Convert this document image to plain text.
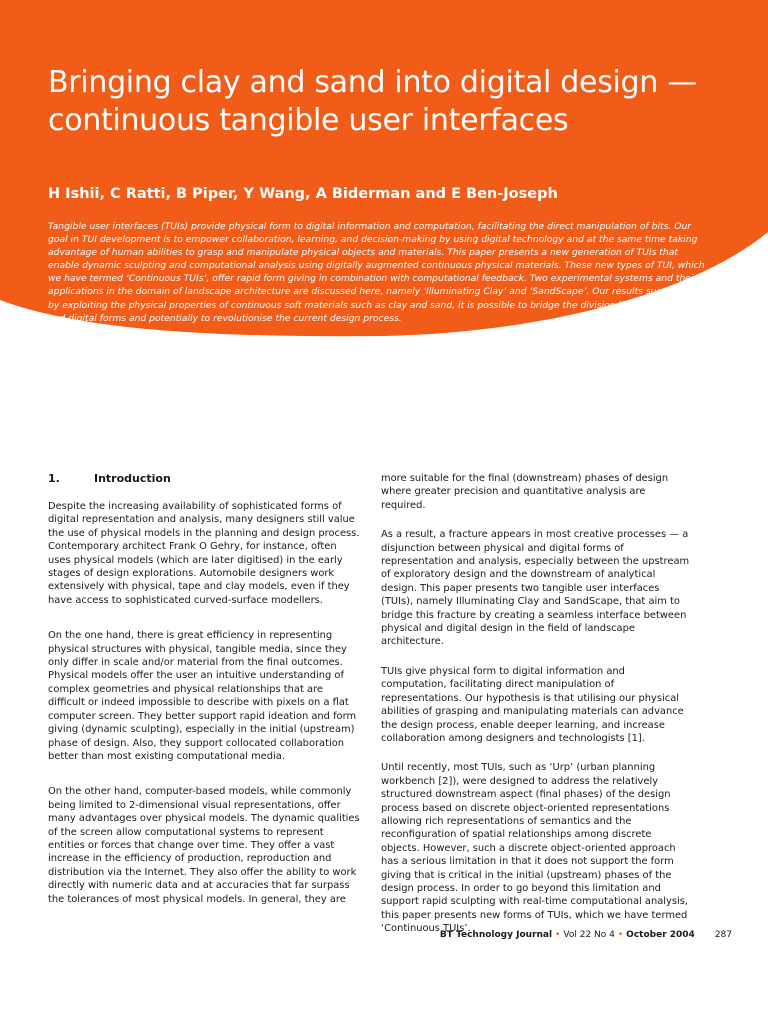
Bringing clay and sand into digital design — continuous tangible user interfaces
H Ishii, C Ratti, B Piper, Y Wang, A Biderman and E Ben-Joseph

Tangible user interfaces (TUIs) provide physical form to digital information and computation, facilitating the direct manipulation of bits. Our goal in TUI development is to empower collaboration, learning, and decision-making by using digital technology and at the same time taking advantage of human abilities to grasp and manipulate physical objects and materials. This paper presents a new generation of TUIs that enable dynamic sculpting and computational analysis using digitally augmented continuous physical materials. These new types of TUI, which we have termed ‘Continuous TUIs’, offer rapid form giving in combination with computational feedback. Two experimental systems and their applications in the domain of landscape architecture are discussed here, namely ‘Illuminating Clay’ and ‘SandScape’. Our results suggest that by exploiting the physical properties of continuous soft materials such as clay and sand, it is possible to bridge the division between physical and digital forms and potentially to revolutionise the current design process.

1.	Introduction

Despite the increasing availability of sophisticated forms of digital representation and analysis, many designers still value the use of physical models in the planning and design process. Contemporary architect Frank O Gehry, for instance, often uses physical models (which are later digitised) in the early stages of design explorations. Automobile designers work extensively with physical, tape and clay models, even if they have access to sophisticated curved-surface modellers.

On the one hand, there is great efficiency in representing physical structures with physical, tangible media, since they only differ in scale and/or material from the final outcomes. Physical models offer the user an intuitive understanding of complex geometries and physical relationships that are difficult or indeed impossible to describe with pixels on a flat computer screen. They better support rapid ideation and form giving (dynamic sculpting), especially in the initial (upstream) phase of design. Also, they support collocated collaboration better than most existing computational media.

On the other hand, computer-based models, while commonly being limited to 2-dimensional visual representations, offer many advantages over physical models. The dynamic qualities of the screen allow computational systems to represent entities or forces that change over time. They offer a vast increase in the efficiency of production, reproduction and distribution via the Internet. They also offer the ability to work directly with numeric data and at accuracies that far surpass the tolerances of most physical models. In general, they are

more suitable for the final (downstream) phases of design where greater precision and quantitative analysis are required.

As a result, a fracture appears in most creative processes — a disjunction between physical and digital forms of representation and analysis, especially between the upstream of exploratory design and the downstream of analytical design. This paper presents two tangible user interfaces (TUIs), namely Illuminating Clay and SandScape, that aim to bridge this fracture by creating a seamless interface between physical and digital design in the field of landscape architecture.

TUIs give physical form to digital information and computation, facilitating direct manipulation of representations. Our hypothesis is that utilising our physical abilities of grasping and manipulating materials can advance the design process, enable deeper learning, and increase collaboration among designers and technologists [1].

Until recently, most TUIs, such as ‘Urp’ (urban planning workbench [2]), were designed to address the relatively structured downstream aspect (final phases) of the design process based on discrete object-oriented representations allowing rich representations of semantics and the reconfiguration of spatial relationships among discrete objects. However, such a discrete object-oriented approach has a serious limitation in that it does not support the form giving that is critical in the initial (upstream) phases of the design process. In order to go beyond this limitation and support rapid sculpting with real-time computational analysis, this paper presents new forms of TUIs, which we have termed ‘Continuous TUIs’.

BT Technology Journal • Vol 22 No 4 • October 2004 287
